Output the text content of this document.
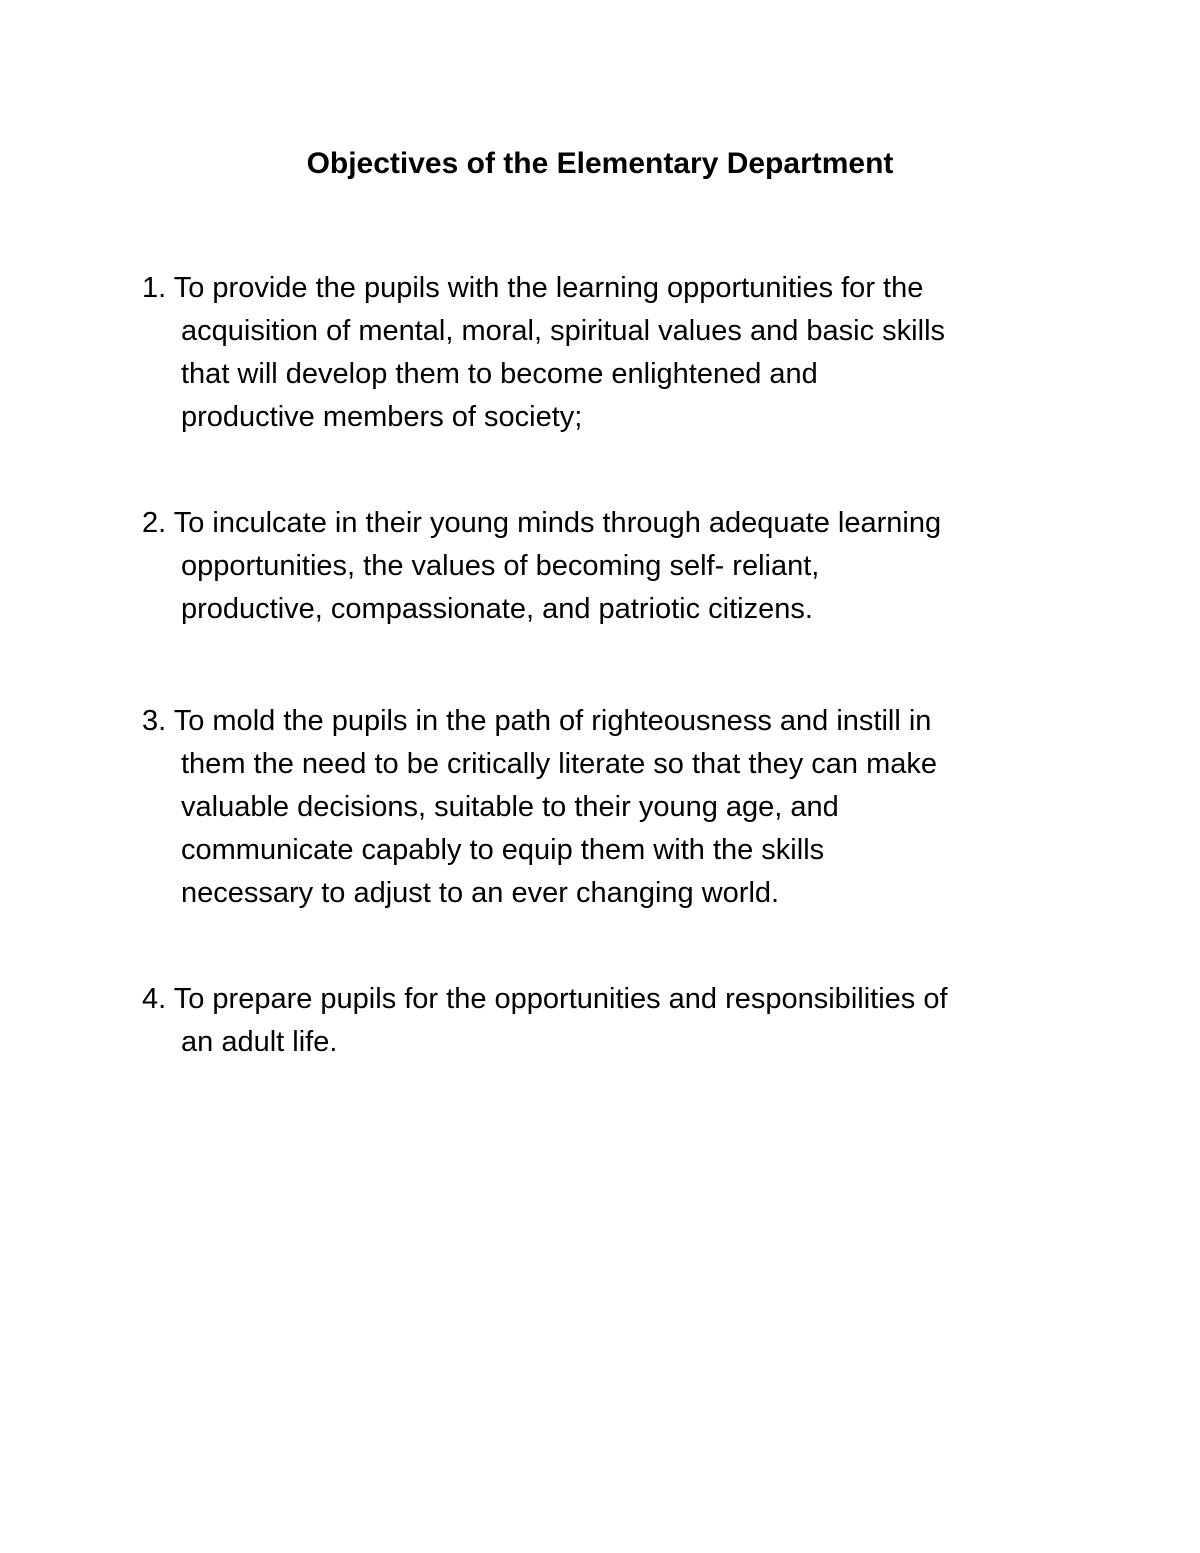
Objectives of the Elementary Department
1. To provide the pupils with the learning opportunities for the
acquisition of mental, moral, spiritual values and basic skills
that will develop them to become enlightened and
productive members of society;
2. To inculcate in their young minds through adequate learning
opportunities, the values of becoming self- reliant,
productive, compassionate, and patriotic citizens.
3. To mold the pupils in the path of righteousness and instill in
them the need to be critically literate so that they can make
valuable decisions, suitable to their young age, and
communicate capably to equip them with the skills
necessary to adjust to an ever changing world.
4. To prepare pupils for the opportunities and responsibilities of
an adult life.
